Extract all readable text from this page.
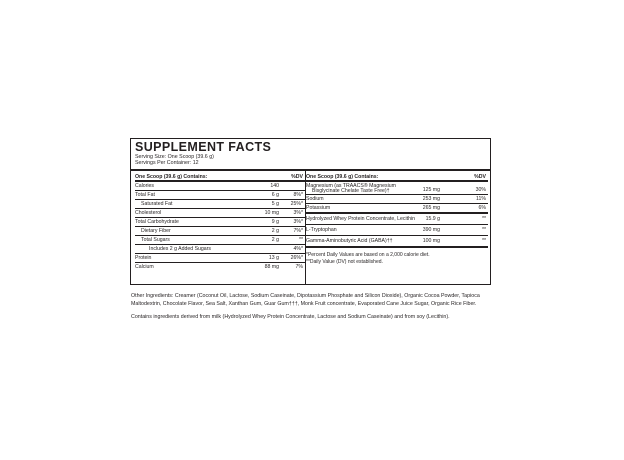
SUPPLEMENT FACTS
Serving Size: One Scoop (39.6 g)
Servings Per Container: 12
One Scoop (39.6 g) Contains:	%DV
Calories	140
Total Fat	6 g	8%*
Saturated Fat	5 g 25%*
Cholesterol	10 mg	3%*
Total Carbohydrate	9 g	3%*
Dietary Fiber	2 g	7%*
Total Sugars	2 g	**
Includes 2 g Added Sugars	4%*
Protein	13 g 26%*
Calcium	88 mg	7%
One Scoop (39.6 g) Contains:	%DV
Magnesium (as TRAACS® Magnesium
Bisglycinate Chelate Taste Free)†	125 mg	30%
Sodium	253 mg	11%
Potassium	265 mg	6%
Hydrolyzed Whey Protein Concentrate, Lecithin 15.9 g	**
L-Tryptophan	390 mg	**
Gamma-Aminobutyric Acid (GABA)††	100 mg	**
*Percent Daily Values are based on a 2,000 calorie diet.
**Daily Value (DV) not established.
Other Ingredients: Creamer (Coconut Oil, Lactose, Sodium Caseinate, Dipotassium Phosphate and Silicon Dioxide), Organic Cocoa Powder, Tapioca Maltodextrin, Chocolate Flavor, Sea Salt, Xanthan Gum, Guar Gum†††, Monk Fruit concentrate, Evaporated Cane Juice Sugar, Organic Rice Fiber.
Contains ingredients derived from milk (Hydrolyzed Whey Protein Concentrate, Lactose and Sodium Caseinate) and from soy (Lecithin).
